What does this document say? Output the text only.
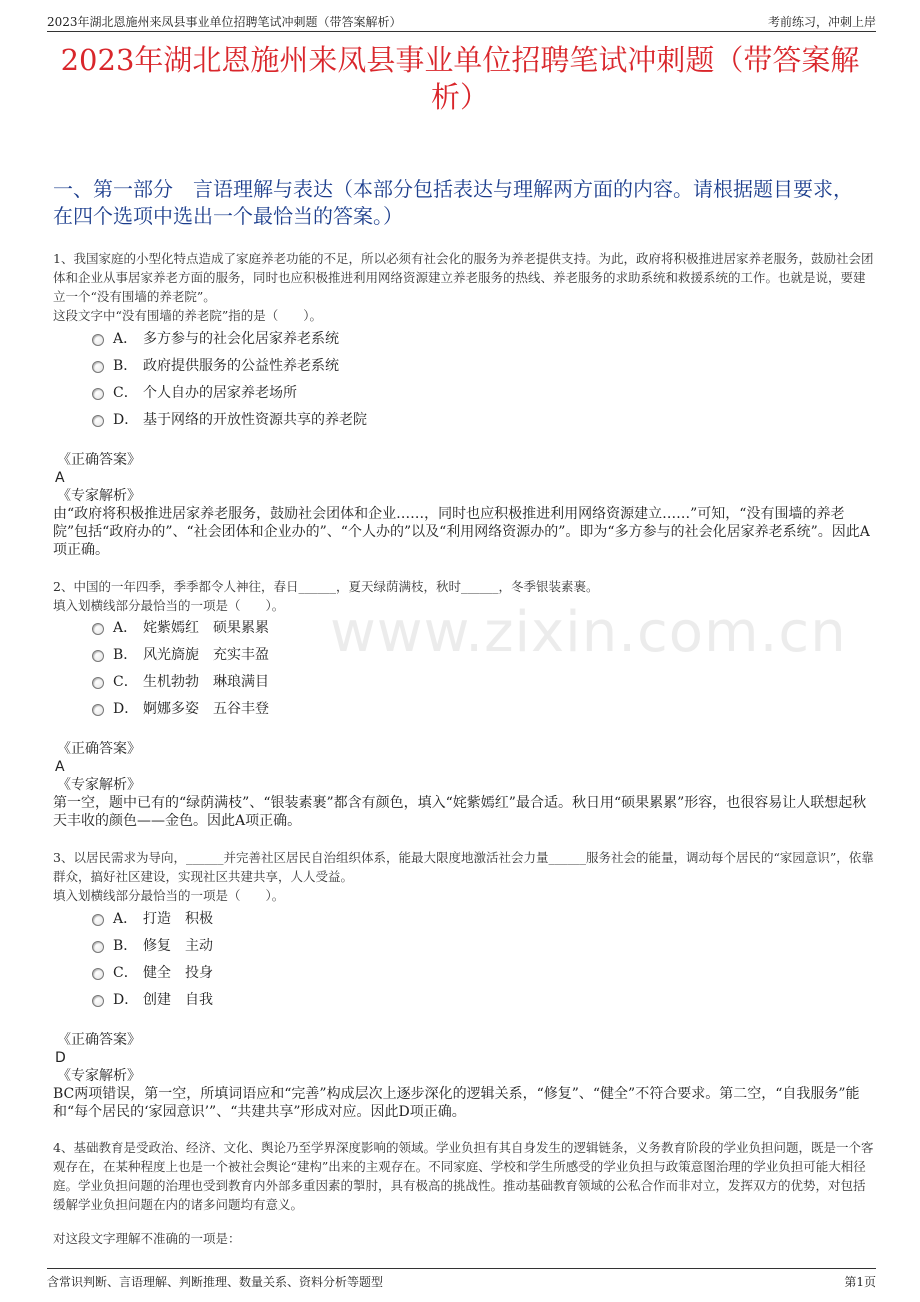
2023年湖北恩施州来凤县事业单位招聘笔试冲刺题（带答案解析）	考前练习，冲刺上岸
2023年湖北恩施州来凤县事业单位招聘笔试冲刺题（带答案解析）
一、第一部分　言语理解与表达（本部分包括表达与理解两方面的内容。请根据题目要求，在四个选项中选出一个最恰当的答案。）
1、我国家庭的小型化特点造成了家庭养老功能的不足，所以必须有社会化的服务为养老提供支持。为此，政府将积极推进居家养老服务，鼓励社会团体和企业从事居家养老方面的服务，同时也应积极推进利用网络资源建立养老服务的热线、养老服务的求助系统和救援系统的工作。也就是说，要建立一个“没有围墙的养老院”。
这段文字中“没有围墙的养老院”指的是（　　）。
A． 多方参与的社会化居家养老系统
B． 政府提供服务的公益性养老系统
C． 个人自办的居家养老场所
D． 基于网络的开放性资源共享的养老院
《正确答案》
A
《专家解析》
由“政府将积极推进居家养老服务，鼓励社会团体和企业……，同时也应积极推进利用网络资源建立……”可知，“没有围墙的养老院”包括“政府办的”、“社会团体和企业办的”、“个人办的”以及“利用网络资源办的”。即为“多方参与的社会化居家养老系统”。因此A项正确。
2、中国的一年四季，季季都令人神往，春日______，夏天绿荫满枝，秋时______，冬季银装素裹。
填入划横线部分最恰当的一项是（　　）。
A． 姹紫嫣红　硕果累累
B． 风光旖旎　充实丰盈
C． 生机勃勃　琳琅满目
D． 婀娜多姿　五谷丰登
《正确答案》
A
《专家解析》
第一空，题中已有的“绿荫满枝”、“银装素裹”都含有颜色，填入“姹紫嫣红”最合适。秋日用“硕果累累”形容，也很容易让人联想起秋天丰收的颜色——金色。因此A项正确。
3、以居民需求为导向，______并完善社区居民自治组织体系，能最大限度地激活社会力量______服务社会的能量，调动每个居民的“家园意识”，依靠群众，搞好社区建设，实现社区共建共享，人人受益。
填入划横线部分最恰当的一项是（　　）。
A． 打造　积极
B． 修复　主动
C． 健全　投身
D． 创建　自我
《正确答案》
D
《专家解析》
BC两项错误，第一空，所填词语应和“完善”构成层次上逐步深化的逻辑关系，“修复”、“健全”不符合要求。第二空，“自我服务”能和“每个居民的‘家园意识’”、“共建共享”形成对应。因此D项正确。
4、基础教育是受政治、经济、文化、舆论乃至学界深度影响的领域。学业负担有其自身发生的逻辑链条，义务教育阶段的学业负担问题，既是一个客观存在，在某种程度上也是一个被社会舆论“建构”出来的主观存在。不同家庭、学校和学生所感受的学业负担与政策意图治理的学业负担可能大相径庭。学业负担问题的治理也受到教育内外部多重因素的掣肘，具有极高的挑战性。推动基础教育领域的公私合作而非对立，发挥双方的优势，对包括缓解学业负担问题在内的诸多问题均有意义。
对这段文字理解不准确的一项是：
www.zixin.com.cn
含常识判断、言语理解、判断推理、数量关系、资料分析等题型	第1页
